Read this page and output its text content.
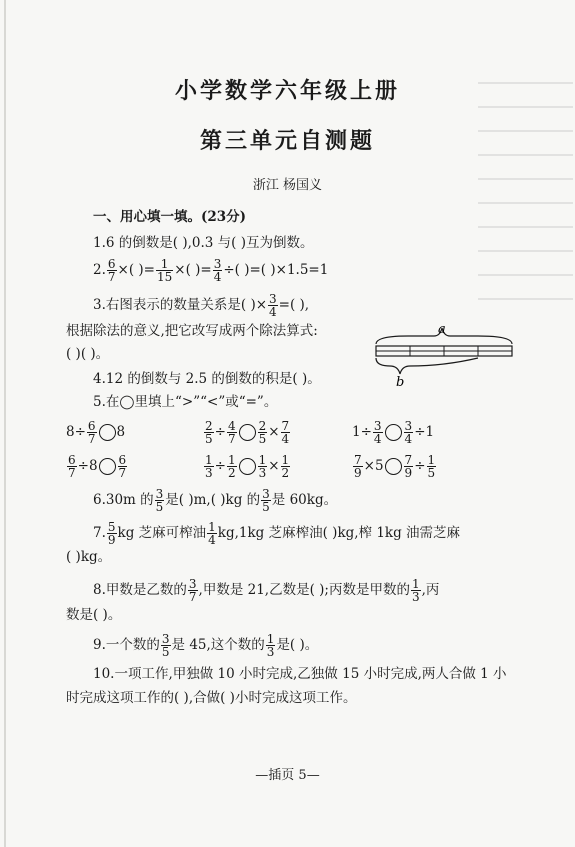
小学数学六年级上册
第三单元自测题
浙江 杨国义
一、用心填一填。(23分)
1.6 的倒数是( ),0.3 与( )互为倒数。
2. $\frac{6}{7}$ ×( )= $\frac{1}{15}$ ×( )= $\frac{3}{4}$ ÷( )=( )×1.5=1
3.右图表示的数量关系是( )× $\frac{3}{4}$ =( ),
根据除法的意义,把它改写成两个除法算式:
( )( )。
a
b
4.12 的倒数与 2.5 的倒数的积是( )。
5.在◯里填上“>”“<”或“=”。
$8\div \frac{6}{7} 8$	$\frac{2}{5} \div \frac{4}{7} \frac{2}{5} \times \frac{7}{4}$	$1\div \frac{3}{4} \frac{3}{4} \div 1$
$\frac{6}{7} \div 8 \frac{6}{7}$	$\frac{1}{3} \div \frac{1}{2} \frac{1}{3} \times \frac{1}{2}$	$\frac{7}{9} \times 5 \frac{7}{9} \div \frac{1}{5}$
6.30m 的 $\frac{3}{5}$ 是( )m,( )kg 的 $\frac{3}{5}$ 是 60kg。
7. $\frac{5}{9}$ kg 芝麻可榨油 $\frac{1}{4} kg,1kg$ 芝麻榨油( )kg,榨 1kg 油需芝麻
( )kg。
8.甲数是乙数的 $\frac{3}{7}$ ,甲数是 21,乙数是( );丙数是甲数的 $\frac{1}{3}$ ,丙
数是( )。
9.一个数的 $\frac{3}{5}$ 是 45,这个数的 $\frac{1}{3}$ 是( )。
10.一项工作,甲独做 10 小时完成,乙独做 15 小时完成,两人合做 1 小
时完成这项工作的( ),合做( )小时完成这项工作。
—插页 5—
